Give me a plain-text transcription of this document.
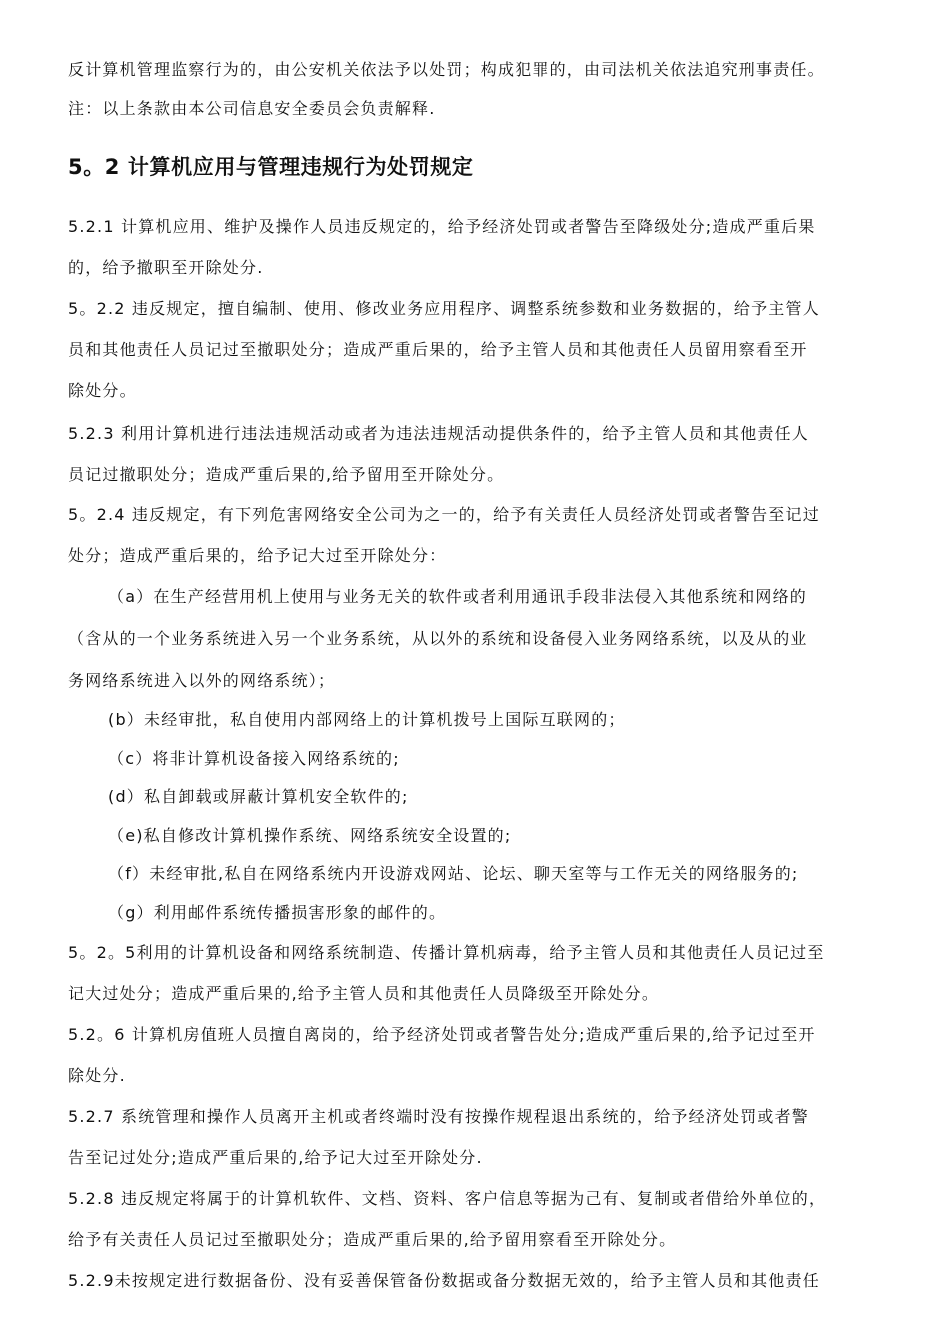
反计算机管理监察行为的，由公安机关依法予以处罚；构成犯罪的，由司法机关依法追究刑事责任。
注：以上条款由本公司信息安全委员会负责解释.
5。2 计算机应用与管理违规行为处罚规定
5.2.1 计算机应用、维护及操作人员违反规定的，给予经济处罚或者警告至降级处分;造成严重后果
的，给予撤职至开除处分.
5。2.2 违反规定，擅自编制、使用、修改业务应用程序、调整系统参数和业务数据的，给予主管人
员和其他责任人员记过至撤职处分；造成严重后果的，给予主管人员和其他责任人员留用察看至开
除处分。
5.2.3 利用计算机进行违法违规活动或者为违法违规活动提供条件的，给予主管人员和其他责任人
员记过撤职处分；造成严重后果的,给予留用至开除处分。
5。2.4 违反规定，有下列危害网络安全公司为之一的，给予有关责任人员经济处罚或者警告至记过
处分；造成严重后果的，给予记大过至开除处分：
（a）在生产经营用机上使用与业务无关的软件或者利用通讯手段非法侵入其他系统和网络的
（含从的一个业务系统进入另一个业务系统，从以外的系统和设备侵入业务网络系统，以及从的业
务网络系统进入以外的网络系统）；
(b）未经审批，私自使用内部网络上的计算机拨号上国际互联网的；
（c）将非计算机设备接入网络系统的;
(d）私自卸载或屏蔽计算机安全软件的;
（e)私自修改计算机操作系统、网络系统安全设置的;
（f）未经审批,私自在网络系统内开设游戏网站、论坛、聊天室等与工作无关的网络服务的;
（g）利用邮件系统传播损害形象的邮件的。
5。2。5利用的计算机设备和网络系统制造、传播计算机病毒，给予主管人员和其他责任人员记过至
记大过处分；造成严重后果的,给予主管人员和其他责任人员降级至开除处分。
5.2。6 计算机房值班人员擅自离岗的，给予经济处罚或者警告处分;造成严重后果的,给予记过至开
除处分.
5.2.7 系统管理和操作人员离开主机或者终端时没有按操作规程退出系统的，给予经济处罚或者警
告至记过处分;造成严重后果的,给予记大过至开除处分.
5.2.8 违反规定将属于的计算机软件、文档、资料、客户信息等据为己有、复制或者借给外单位的，
给予有关责任人员记过至撤职处分；造成严重后果的,给予留用察看至开除处分。
5.2.9未按规定进行数据备份、没有妥善保管备份数据或备分数据无效的，给予主管人员和其他责任
